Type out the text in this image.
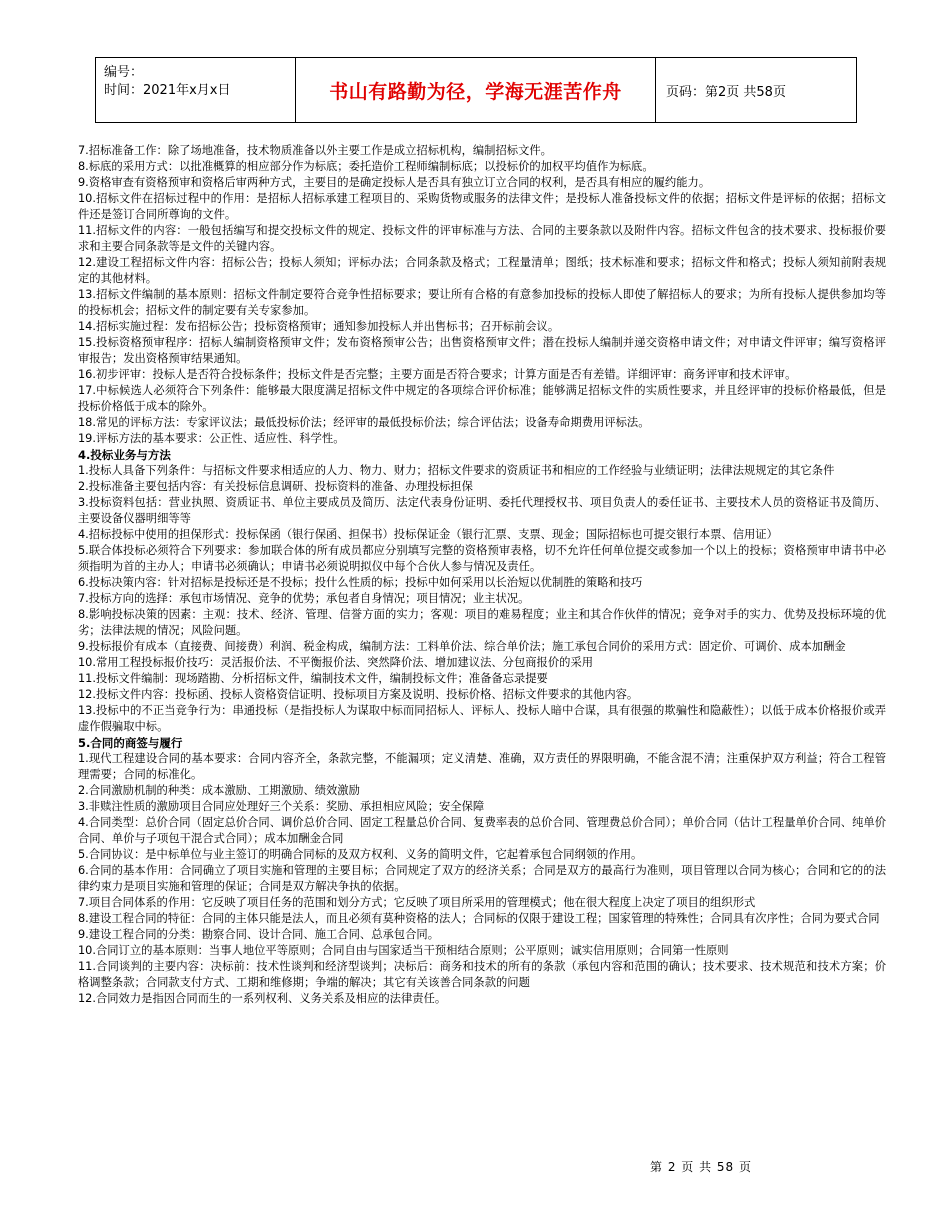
编号：
时间：2021年x月x日	书山有路勤为径，学海无涯苦作舟	页码：第2页 共58页

7.招标准备工作：除了场地准备，技术物质准备以外主要工作是成立招标机构，编制招标文件。

8.标底的采用方式：以批准概算的相应部分作为标底；委托造价工程师编制标底；以投标价的加权平均值作为标底。

9.资格审查有资格预审和资格后审两种方式，主要目的是确定投标人是否具有独立订立合同的权利，是否具有相应的履约能力。

10.招标文件在招标过程中的作用：是招标人招标承建工程项目的、采购货物或服务的法律文件；是投标人准备投标文件的依据；招标文件是评标的依据；招标文件还是签订合同所尊询的文件。

11.招标文件的内容：一般包括编写和提交投标文件的规定、投标文件的评审标准与方法、合同的主要条款以及附件内容。招标文件包含的技术要求、投标报价要求和主要合同条款等是文件的关键内容。

12.建设工程招标文件内容：招标公告；投标人须知；评标办法；合同条款及格式；工程量清单；图纸；技术标准和要求；招标文件和格式；投标人须知前附表规定的其他材料。

13.招标文件编制的基本原则：招标文件制定要符合竞争性招标要求；要让所有合格的有意参加投标的投标人即使了解招标人的要求；为所有投标人提供参加均等的投标机会；招标文件的制定要有关专家参加。

14.招标实施过程：发布招标公告；投标资格预审；通知参加投标人并出售标书；召开标前会议。

15.投标资格预审程序：招标人编制资格预审文件；发布资格预审公告；出售资格预审文件；潜在投标人编制并递交资格申请文件；对申请文件评审；编写资格评审报告；发出资格预审结果通知。

16.初步评审：投标人是否符合投标条件；投标文件是否完整；主要方面是否符合要求；计算方面是否有差错。详细评审：商务评审和技术评审。

17.中标候选人必须符合下列条件：能够最大限度满足招标文件中规定的各项综合评价标准；能够满足招标文件的实质性要求，并且经评审的投标价格最低，但是投标价格低于成本的除外。

18.常见的评标方法：专家评议法；最低投标价法；经评审的最低投标价法；综合评估法；设备寿命期费用评标法。

19.评标方法的基本要求：公正性、适应性、科学性。

4.投标业务与方法

1.投标人具备下列条件：与招标文件要求相适应的人力、物力、财力；招标文件要求的资质证书和相应的工作经验与业绩证明；法律法规规定的其它条件

2.投标准备主要包括内容：有关投标信息调研、投标资料的准备、办理投标担保

3.投标资料包括：营业执照、资质证书、单位主要成员及简历、法定代表身份证明、委托代理授权书、项目负责人的委任证书、主要技术人员的资格证书及简历、主要设备仪器明细等等

4.招标投标中使用的担保形式：投标保函（银行保函、担保书）投标保证金（银行汇票、支票、现金；国际招标也可提交银行本票、信用证）

5.联合体投标必须符合下列要求：参加联合体的所有成员都应分别填写完整的资格预审表格，切不允许任何单位提交或参加一个以上的投标；资格预审申请书中必须指明为首的主办人；申请书必须确认；申请书必须说明拟仪中每个合伙人参与情况及责任。

6.投标决策内容：针对招标是投标还是不投标；投什么性质的标；投标中如何采用以长治短以优制胜的策略和技巧

7.投标方向的选择：承包市场情况、竞争的优势；承包者自身情况；项目情况；业主状况。

8.影响投标决策的因素：主观：技术、经济、管理、信誉方面的实力；客观：项目的难易程度；业主和其合作伙伴的情况；竞争对手的实力、优势及投标环境的优劣；法律法规的情况；风险问题。

9.投标报价有成本（直接费、间接费）利润、税金构成，编制方法：工料单价法、综合单价法；施工承包合同价的采用方式：固定价、可调价、成本加酬金

10.常用工程投标报价技巧：灵活报价法、不平衡报价法、突然降价法、增加建议法、分包商报价的采用

11.投标文件编制：现场踏勘、分析招标文件，编制技术文件，编制投标文件；准备备忘录提要

12.投标文件内容：投标函、投标人资格资信证明、投标项目方案及说明、投标价格、招标文件要求的其他内容。

13.投标中的不正当竞争行为：串通投标（是指投标人为谋取中标而同招标人、评标人、投标人暗中合谋，具有很强的欺骗性和隐蔽性）；以低于成本价格报价或弄虚作假骗取中标。

5.合同的商签与履行

1.现代工程建设合同的基本要求：合同内容齐全，条款完整，不能漏项；定义清楚、准确，双方责任的界限明确，不能含混不清；注重保护双方利益；符合工程管理需要；合同的标准化。

2.合同激励机制的种类：成本激励、工期激励、绩效激励

3.非赎注性质的激励项目合同应处理好三个关系：奖励、承担相应风险；安全保障

4.合同类型：总价合同（固定总价合同、调价总价合同、固定工程量总价合同、复费率表的总价合同、管理费总价合同）；单价合同（估计工程量单价合同、纯单价合同、单价与子项包干混合式合同）；成本加酬金合同

5.合同协议：是中标单位与业主签订的明确合同标的及双方权利、义务的简明文件，它起着承包合同纲领的作用。

6.合同的基本作用：合同确立了项目实施和管理的主要目标；合同规定了双方的经济关系；合同是双方的最高行为准则，项目管理以合同为核心；合同和它的的法律约束力是项目实施和管理的保证；合同是双方解决争执的依据。

7.项目合同体系的作用：它反映了项目任务的范围和划分方式；它反映了项目所采用的管理模式；他在很大程度上决定了项目的组织形式

8.建设工程合同的特征：合同的主体只能是法人，而且必须有莫种资格的法人；合同标的仅限于建设工程；国家管理的特殊性；合同具有次序性；合同为要式合同

9.建设工程合同的分类：勘察合同、设计合同、施工合同、总承包合同。

10.合同订立的基本原则：当事人地位平等原则；合同自由与国家适当干预相结合原则；公平原则；诚实信用原则；合同第一性原则

11.合同谈判的主要内容：决标前：技术性谈判和经济型谈判；决标后：商务和技术的所有的条款（承包内容和范围的确认；技术要求、技术规范和技术方案；价格调整条款；合同款支付方式、工期和维修期；争端的解决；其它有关该善合同条款的问题

12.合同效力是指因合同而生的一系列权利、义务关系及相应的法律责任。

第 2 页 共 58 页
